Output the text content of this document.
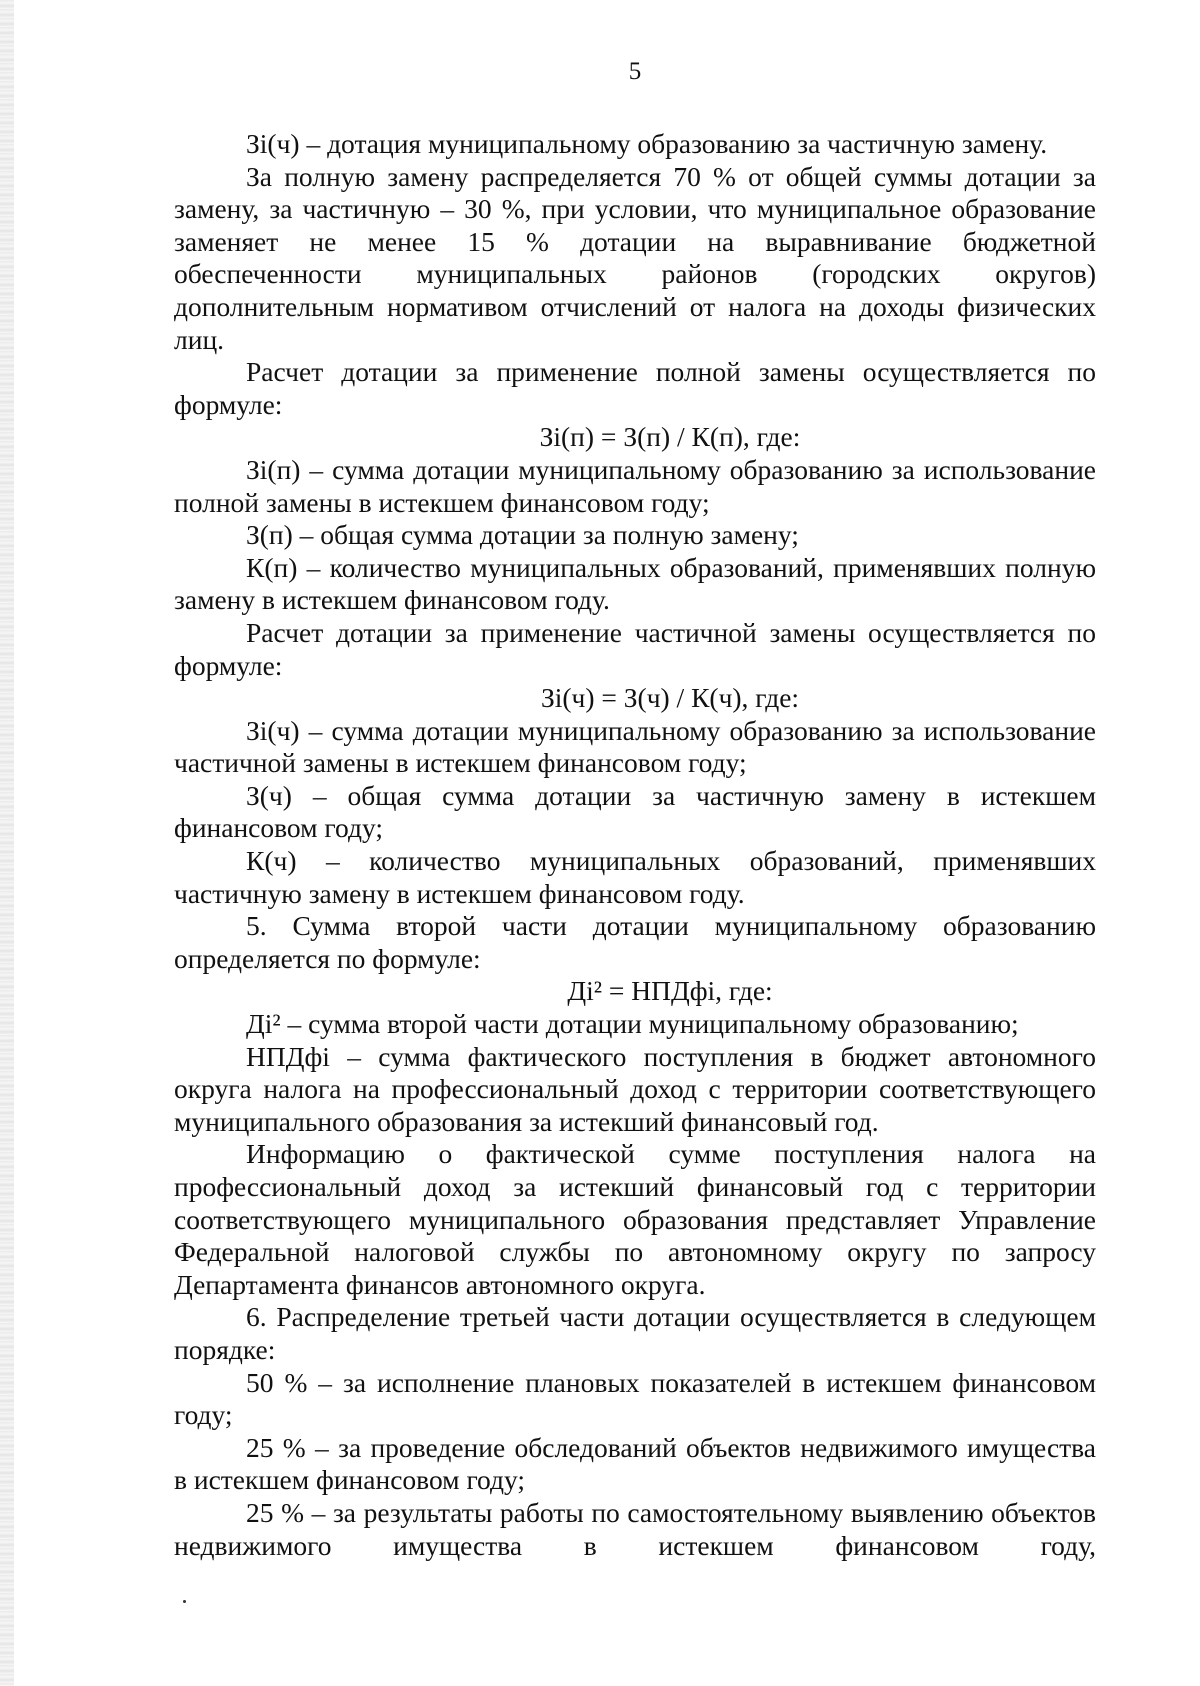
5

Зi(ч) – дотация муниципальному образованию за частичную замену.

За полную замену распределяется 70 % от общей суммы дотации за замену, за частичную – 30 %, при условии, что муниципальное образование заменяет не менее 15 % дотации на выравнивание бюджетной обеспеченности муниципальных районов (городских округов) дополнительным нормативом отчислений от налога на доходы физических лиц.

Расчет дотации за применение полной замены осуществляется по формуле:

Зi(п) = З(п) / К(п), где:

Зi(п) – сумма дотации муниципальному образованию за использование полной замены в истекшем финансовом году;

З(п) – общая сумма дотации за полную замену;

К(п) – количество муниципальных образований, применявших полную замену в истекшем финансовом году.

Расчет дотации за применение частичной замены осуществляется по формуле:

Зi(ч) = З(ч) / К(ч), где:

Зi(ч) – сумма дотации муниципальному образованию за использование частичной замены в истекшем финансовом году;

З(ч) – общая сумма дотации за частичную замену в истекшем финансовом году;

К(ч) – количество муниципальных образований, применявших частичную замену в истекшем финансовом году.

5. Сумма второй части дотации муниципальному образованию определяется по формуле:

Дi² = НПДфi, где:

Дi² – сумма второй части дотации муниципальному образованию;

НПДфi – сумма фактического поступления в бюджет автономного округа налога на профессиональный доход с территории соответствующего муниципального образования за истекший финансовый год.

Информацию о фактической сумме поступления налога на профессиональный доход за истекший финансовый год с территории соответствующего муниципального образования представляет Управление Федеральной налоговой службы по автономному округу по запросу Департамента финансов автономного округа.

6. Распределение третьей части дотации осуществляется в следующем порядке:

50 % – за исполнение плановых показателей в истекшем финансовом году;

25 % – за проведение обследований объектов недвижимого имущества в истекшем финансовом году;

25 % – за результаты работы по самостоятельному выявлению объектов недвижимого имущества в истекшем финансовом году,
